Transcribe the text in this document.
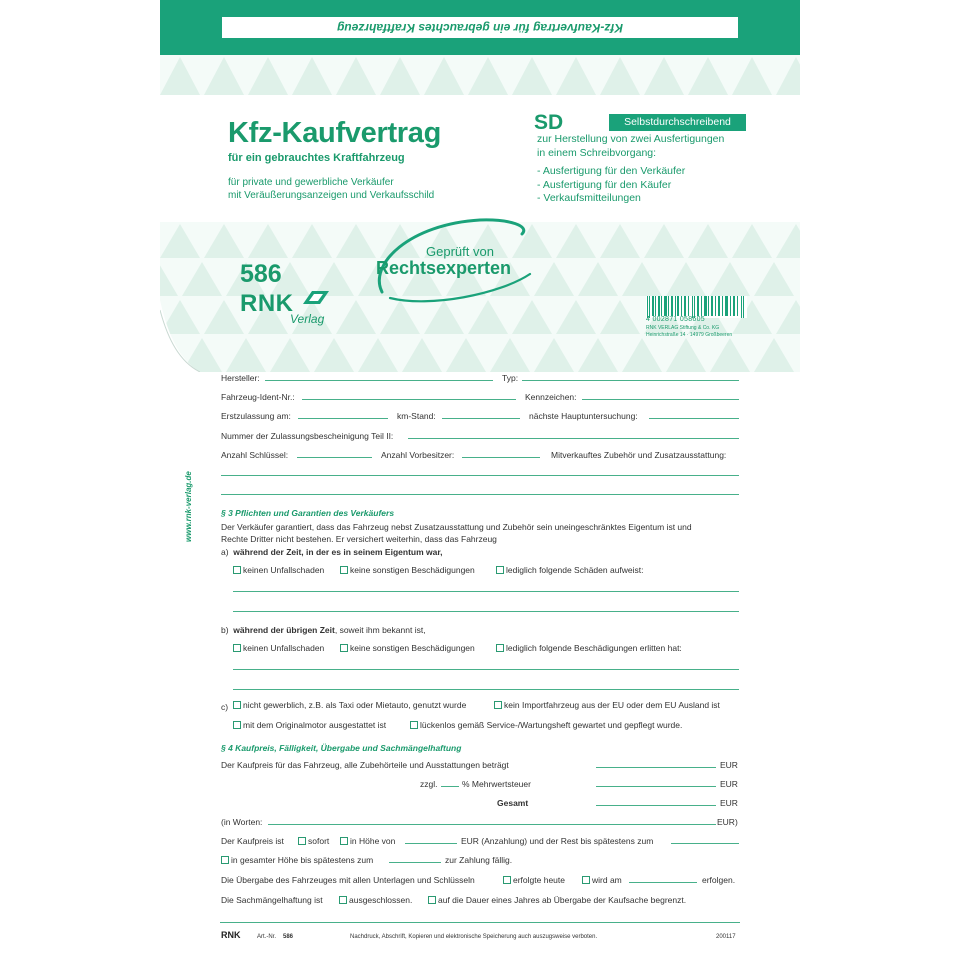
www.rnk-verlag.de
Hersteller:	Typ:
Fahrzeug-Ident-Nr.:	Kennzeichen:
Erstzulassung am:	km-Stand:	nächste Hauptuntersuchung:
Nummer der Zulassungsbescheinigung Teil II:
Anzahl Schlüssel:	Anzahl Vorbesitzer:	Mitverkauftes Zubehör und Zusatzausstattung:
§ 3 Pflichten und Garantien des Verkäufers
Der Verkäufer garantiert, dass das Fahrzeug nebst Zusatzausstattung und Zubehör sein uneingeschränktes Eigentum ist und
Rechte Dritter nicht bestehen. Er versichert weiterhin, dass das Fahrzeug
a) während der Zeit, in der es in seinem Eigentum war,
keinen Unfallschaden	keine sonstigen Beschädigungen	lediglich folgende Schäden aufweist:
b) während der übrigen Zeit, soweit ihm bekannt ist,
keinen Unfallschaden	keine sonstigen Beschädigungen	lediglich folgende Beschädigungen erlitten hat:
c)	nicht gewerblich, z.B. als Taxi oder Mietauto, genutzt wurde	kein Importfahrzeug aus der EU oder dem EU Ausland ist
mit dem Originalmotor ausgestattet ist	lückenlos gemäß Service-/Wartungsheft gewartet und gepflegt wurde.
§ 4 Kaufpreis, Fälligkeit, Übergabe und Sachmängelhaftung
Der Kaufpreis für das Fahrzeug, alle Zubehörteile und Ausstattungen beträgt	EUR
zzgl.	% Mehrwertsteuer	EUR
Gesamt	EUR
(in Worten:	EUR)
Der Kaufpreis ist	sofort	in Höhe von	EUR (Anzahlung) und der Rest bis spätestens zum
in gesamter Höhe bis spätestens zum	zur Zahlung fällig.
Die Übergabe des Fahrzeuges mit allen Unterlagen und Schlüsseln	erfolgte heute	wird am	erfolgen.
Die Sachmängelhaftung ist	ausgeschlossen.	auf die Dauer eines Jahres ab Übergabe der Kaufsache begrenzt.
RNK	Art.-Nr. 586	Nachdruck, Abschrift, Kopieren und elektronische Speicherung auch auszugsweise verboten.	200117
Kfz-Kaufvertrag für ein gebrauchtes Kraftfahrzeug
Kfz-Kaufvertrag
für ein gebrauchtes Kraftfahrzeug
für private und gewerbliche Verkäufer
mit Veräußerungsanzeigen und Verkaufsschild
SD	Selbstdurchschreibend
zur Herstellung von zwei Ausfertigungen
in einem Schreibvorgang:
- Ausfertigung für den Verkäufer
- Ausfertigung für den Käufer
- Verkaufsmitteilungen
Geprüft von
Rechtsexperten
586
RNK
Verlag	4 002871 058605
RNK VERLAG Stiftung & Co. KG
Heinrichstraße 14 · 14979 Großbeeren
